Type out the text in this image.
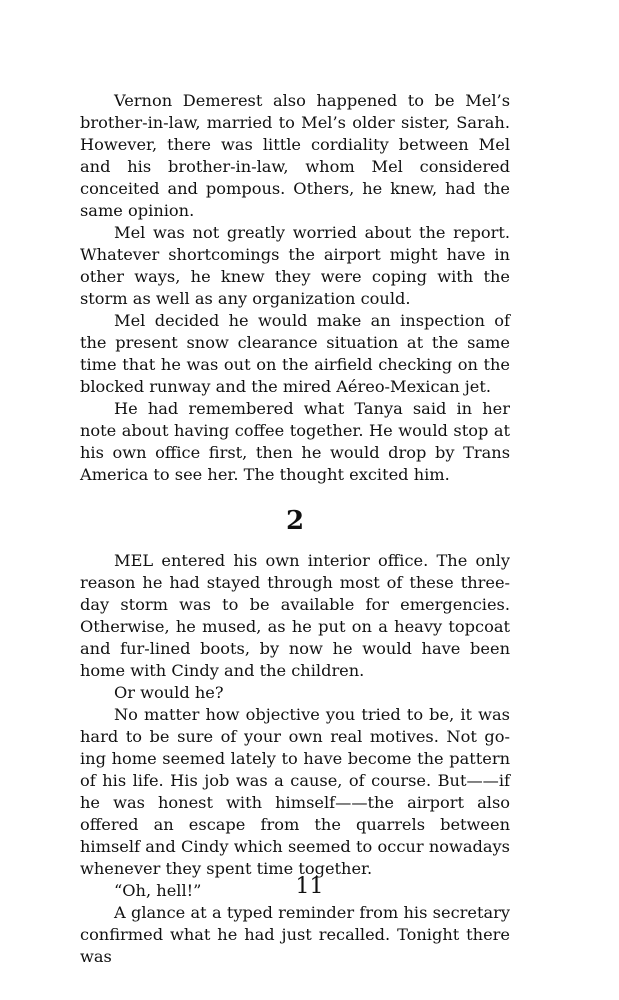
Vernon Demerest also happened to be Mel’s brother-in-law, married to Mel’s older sister, Sarah. However, there was little cordiality between Mel and his brother-in-law, whom Mel considered conceited and pompous. Others, he knew, had the same opinion.

Mel was not greatly worried about the report. Whatever shortcomings the airport might have in other ways, he knew they were coping with the storm as well as any organization could.

Mel decided he would make an inspection of the present snow clearance situation at the same time that he was out on the airfield checking on the blocked runway and the mired Aéreo-Mexican jet.

He had remembered what Tanya said in her note about having coffee together. He would stop at his own office first, then he would drop by Trans America to see her. The thought excited him.

2

MEL entered his own interior office. The only reason he had stayed through most of these three-day storm was to be available for emergencies. Otherwise, he mused, as he put on a heavy topcoat and fur-lined boots, by now he would have been home with Cindy and the children.

Or would he?

No matter how objective you tried to be, it was hard to be sure of your own real motives. Not go-ing home seemed lately to have become the pattern of his life. His job was a cause, of course. But——if he was honest with himself——the airport also offered an escape from the quarrels between himself and Cindy which seemed to occur nowadays whenever they spent time together.

“Oh, hell!”

A glance at a typed reminder from his secretary confirmed what he had just recalled. Tonight there was

11
